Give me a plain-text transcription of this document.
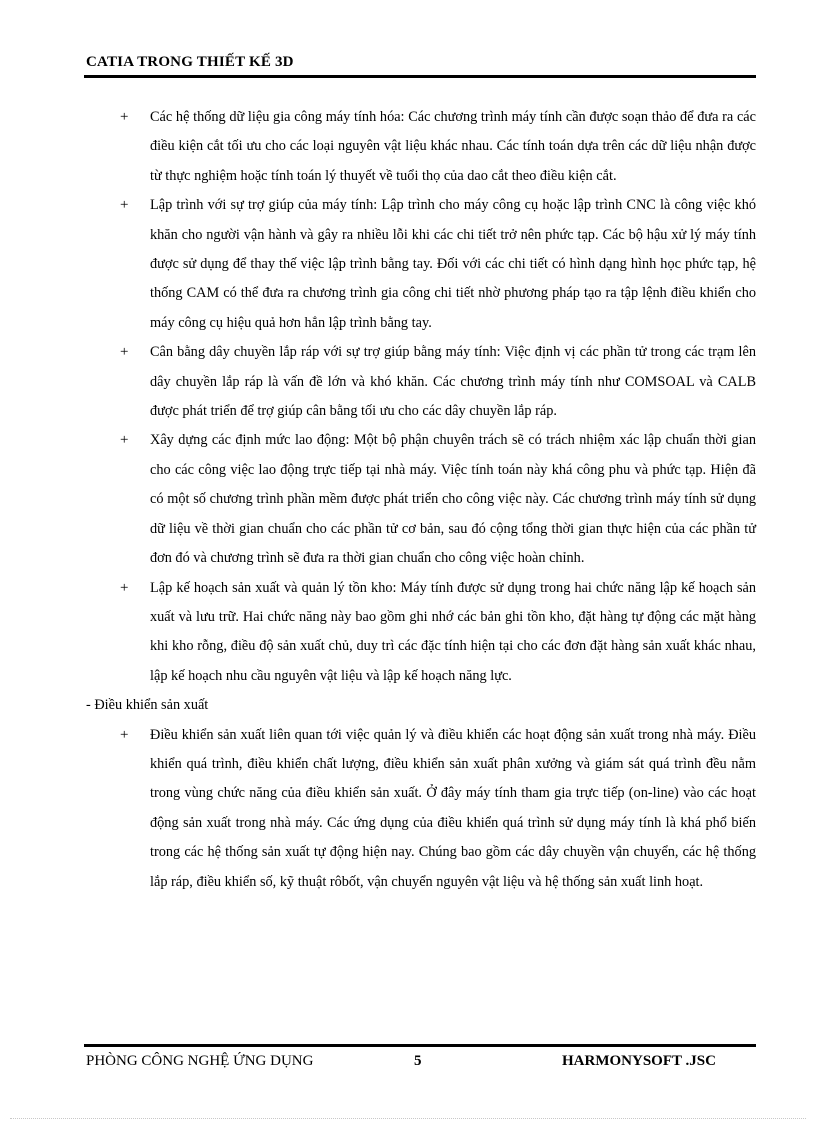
CATIA TRONG THIẾT KẾ 3D
+ Các hệ thống dữ liệu gia công máy tính hóa: Các chương trình máy tính cần được soạn thảo để đưa ra các điều kiện cắt tối ưu cho các loại nguyên vật liệu khác nhau. Các tính toán dựa trên các dữ liệu nhận được từ thực nghiệm hoặc tính toán lý thuyết về tuổi thọ của dao cắt theo điều kiện cắt.

+ Lập trình với sự trợ giúp của máy tính: Lập trình cho máy công cụ hoặc lập trình CNC là công việc khó khăn cho người vận hành và gây ra nhiều lỗi khi các chi tiết trở nên phức tạp. Các bộ hậu xử lý máy tính được sử dụng để thay thế việc lập trình bằng tay. Đối với các chi tiết có hình dạng hình học phức tạp, hệ thống CAM có thể đưa ra chương trình gia công chi tiết nhờ phương pháp tạo ra tập lệnh điều khiển cho máy công cụ hiệu quả hơn hẳn lập trình bằng tay.

+ Cân bằng dây chuyền lắp ráp với sự trợ giúp bằng máy tính: Việc định vị các phần tử trong các trạm lên dây chuyền lắp ráp là vấn đề lớn và khó khăn. Các chương trình máy tính như COMSOAL và CALB được phát triển để trợ giúp cân bằng tối ưu cho các dây chuyền lắp ráp.

+ Xây dựng các định mức lao động: Một bộ phận chuyên trách sẽ có trách nhiệm xác lập chuẩn thời gian cho các công việc lao động trực tiếp tại nhà máy. Việc tính toán này khá công phu và phức tạp. Hiện đã có một số chương trình phần mềm được phát triển cho công việc này. Các chương trình máy tính sử dụng dữ liệu về thời gian chuẩn cho các phần tử cơ bản, sau đó cộng tổng thời gian thực hiện của các phần tử đơn đó và chương trình sẽ đưa ra thời gian chuẩn cho công việc hoàn chỉnh.

+ Lập kế hoạch sản xuất và quản lý tồn kho: Máy tính được sử dụng trong hai chức năng lập kế hoạch sản xuất và lưu trữ. Hai chức năng này bao gồm ghi nhớ các bản ghi tồn kho, đặt hàng tự động các mặt hàng khi kho rỗng, điều độ sản xuất chủ, duy trì các đặc tính hiện tại cho các đơn đặt hàng sản xuất khác nhau, lập kế hoạch nhu cầu nguyên vật liệu và lập kế hoạch năng lực.

- Điều khiển sản xuất

+ Điều khiển sản xuất liên quan tới việc quản lý và điều khiển các hoạt động sản xuất trong nhà máy. Điều khiển quá trình, điều khiển chất lượng, điều khiển sản xuất phân xưởng và giám sát quá trình đều nằm trong vùng chức năng của điều khiển sản xuất. Ở đây máy tính tham gia trực tiếp (on-line) vào các hoạt động sản xuất trong nhà máy. Các ứng dụng của điều khiển quá trình sử dụng máy tính là khá phổ biến trong các hệ thống sản xuất tự động hiện nay. Chúng bao gồm các dây chuyền vận chuyển, các hệ thống lắp ráp, điều khiển số, kỹ thuật rôbốt, vận chuyển nguyên vật liệu và hệ thống sản xuất linh hoạt.

PHÒNG CÔNG NGHỆ ỨNG DỤNG	5	HARMONYSOFT .JSC
